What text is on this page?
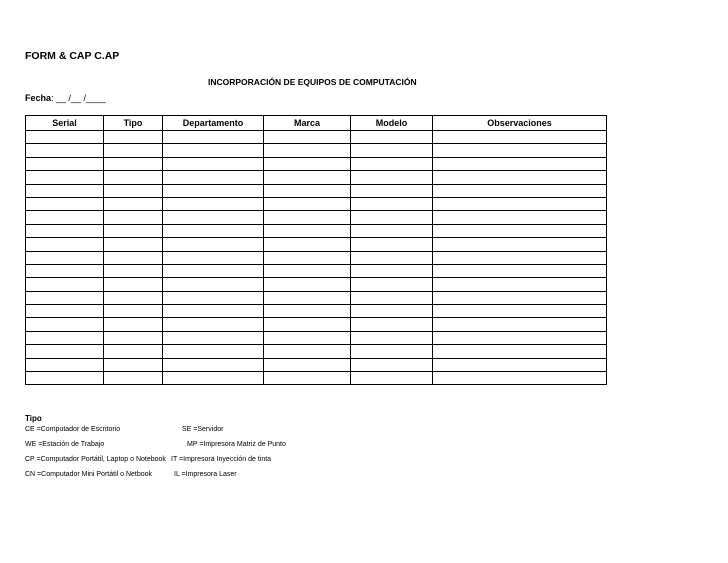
FORM & CAP C.AP
INCORPORACIÓN DE EQUIPOS DE COMPUTACIÓN
Fecha: __ /__ /____
Serial	Tipo	Departamento	Marca	Modelo	Observaciones

Tipo
CE =Computador de Escritorio	SE =Servidor
WE =Estación de Trabajo	MP =Impresora Matriz de Punto
CP =Computador Portátil, Laptop o Notebook IT =Impresora Inyección de tinta
CN =Computador Mini Portátil o Netbook	IL =Impresora Laser
